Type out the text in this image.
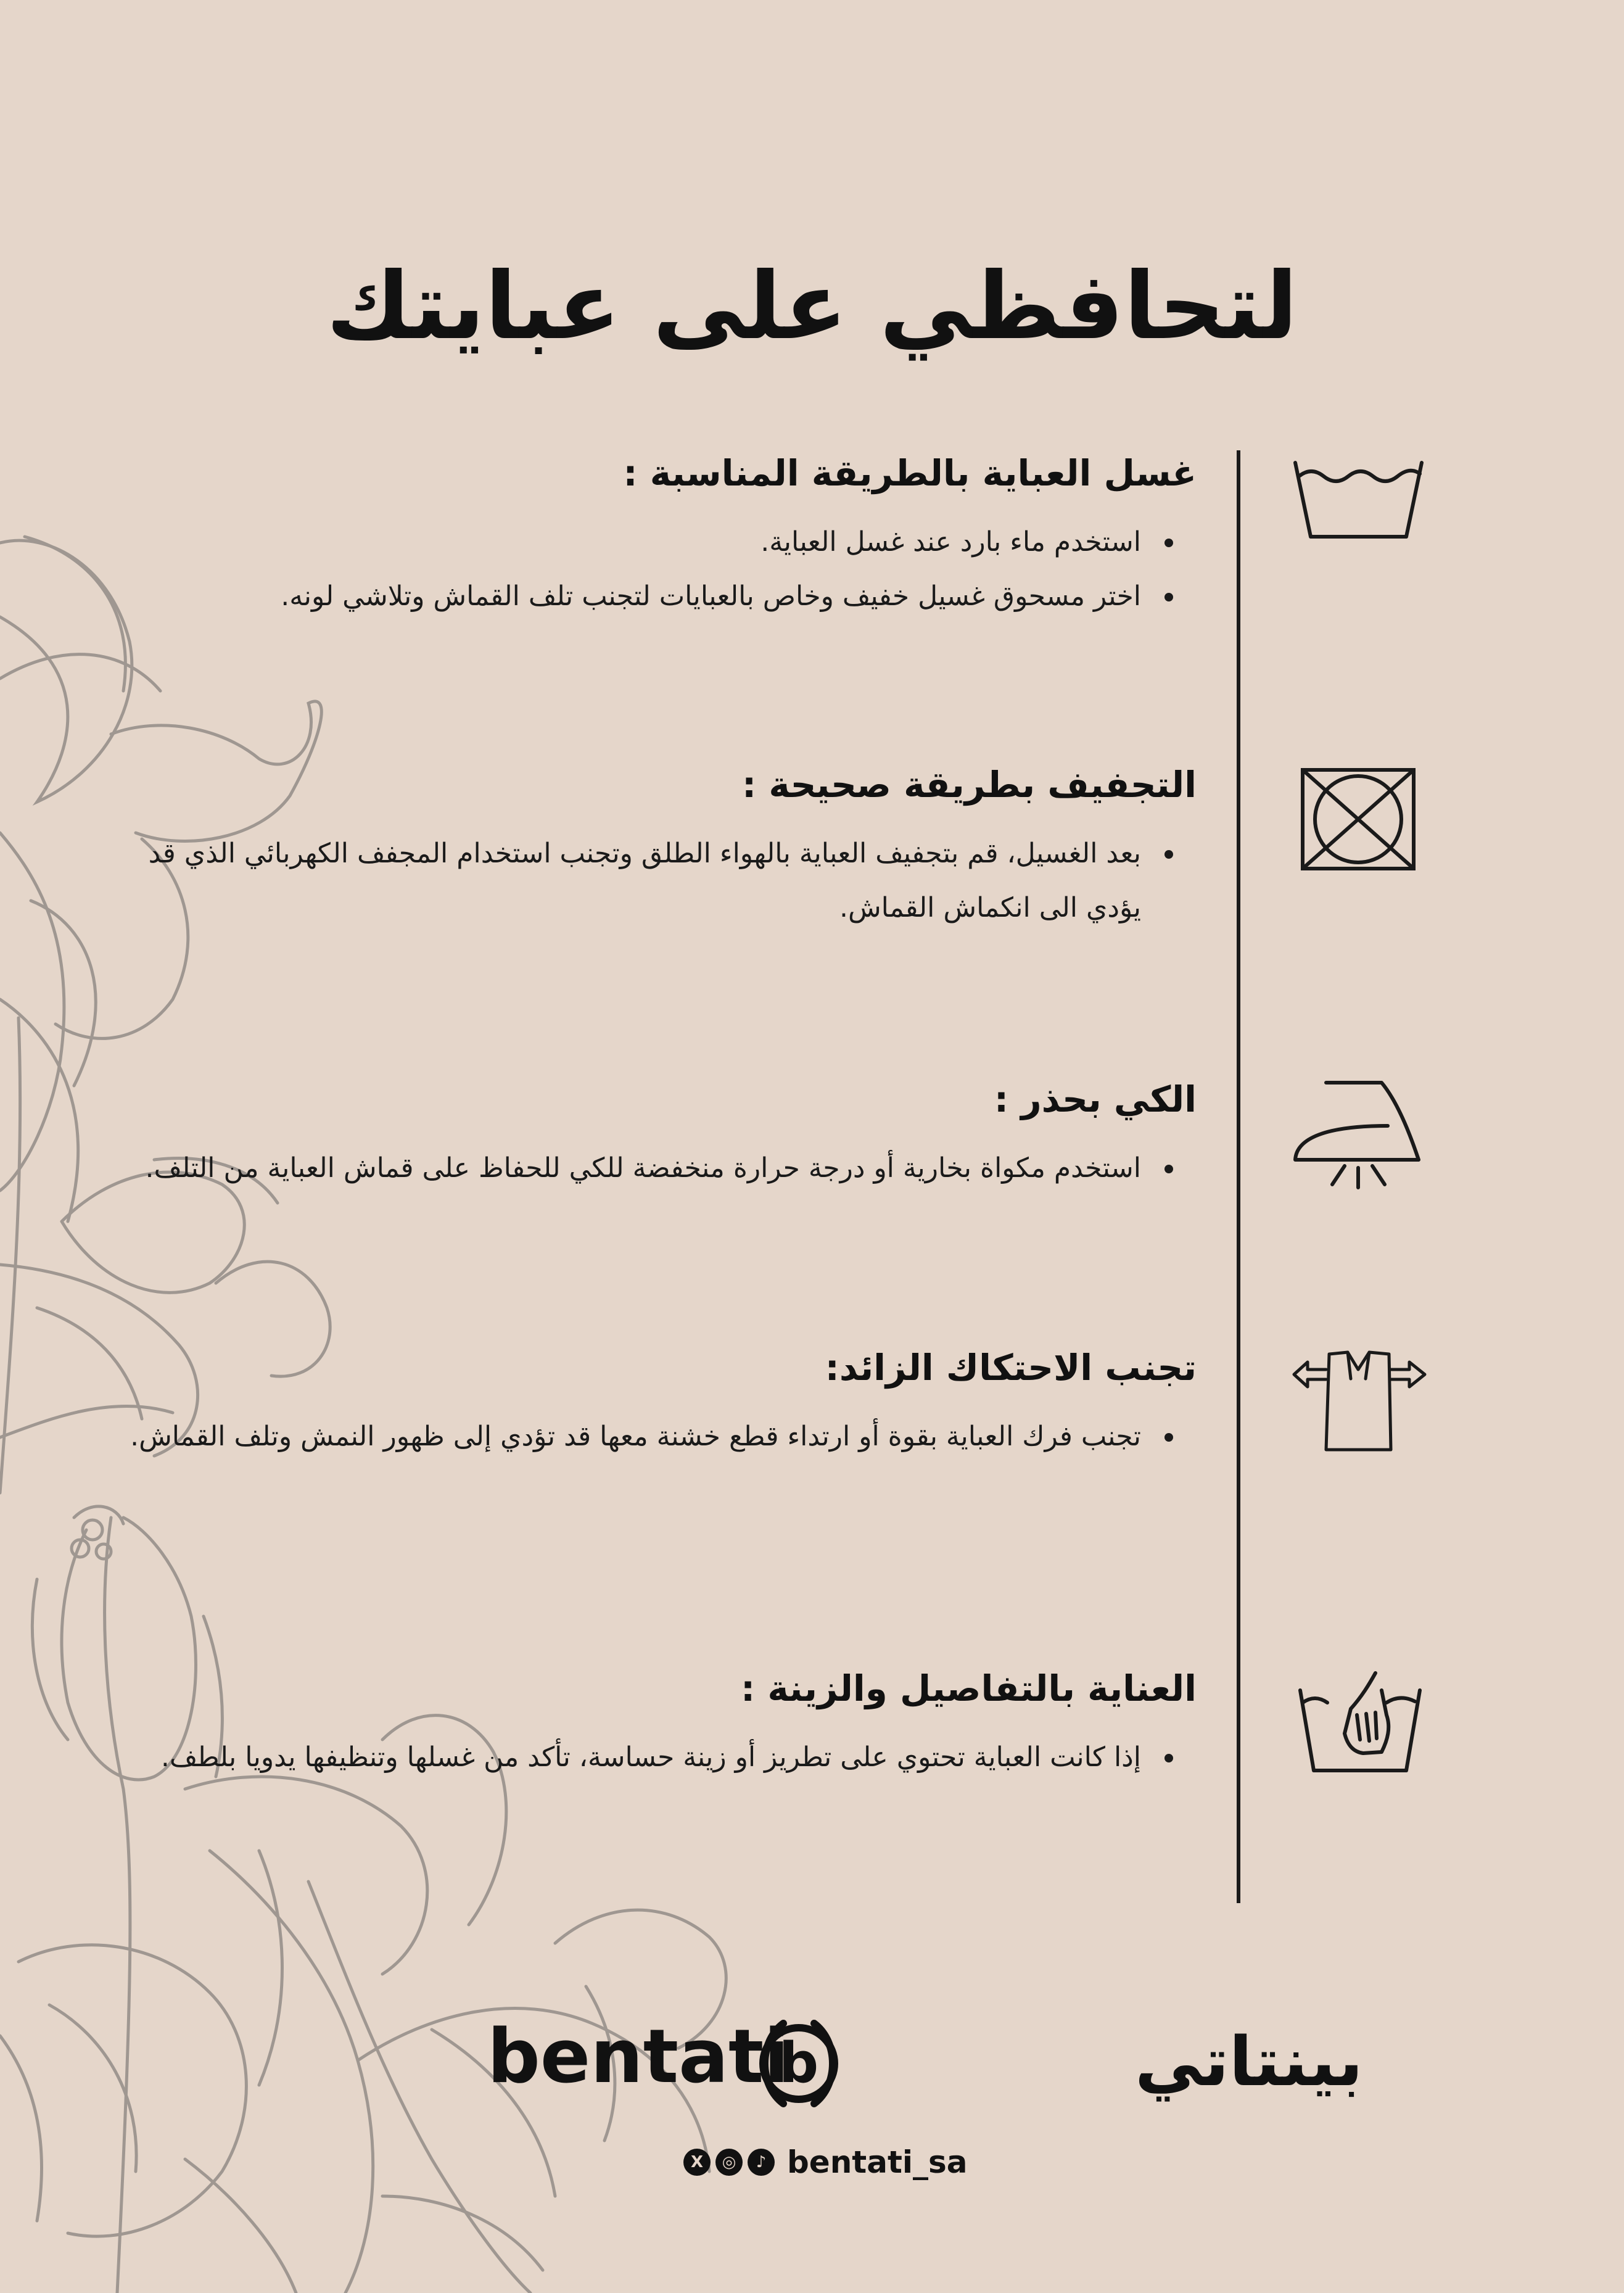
لتحافظي على عبايتك
غسل العباية بالطريقة المناسبة :
استخدم ماء بارد عند غسل العباية.
اختر مسحوق غسيل خفيف وخاص بالعبايات لتجنب تلف القماش وتلاشي لونه.
التجفيف بطريقة صحيحة :
بعد الغسيل، قم بتجفيف العباية بالهواء الطلق وتجنب استخدام المجفف الكهربائي الذي قد يؤدي الى انكماش القماش.
الكي بحذر :
استخدم مكواة بخارية أو درجة حرارة منخفضة للكي للحفاظ على قماش العباية من التلف.
تجنب الاحتكاك الزائد:
تجنب فرك العباية بقوة أو ارتداء قطع خشنة معها قد تؤدي إلى ظهور النمش وتلف القماش.
العناية بالتفاصيل والزينة :
إذا كانت العباية تحتوي على تطريز أو زينة حساسة، تأكد من غسلها وتنظيفها يدويا بلطف.
bentati
b	بينتاتي
X	◎	♪ bentati_sa
